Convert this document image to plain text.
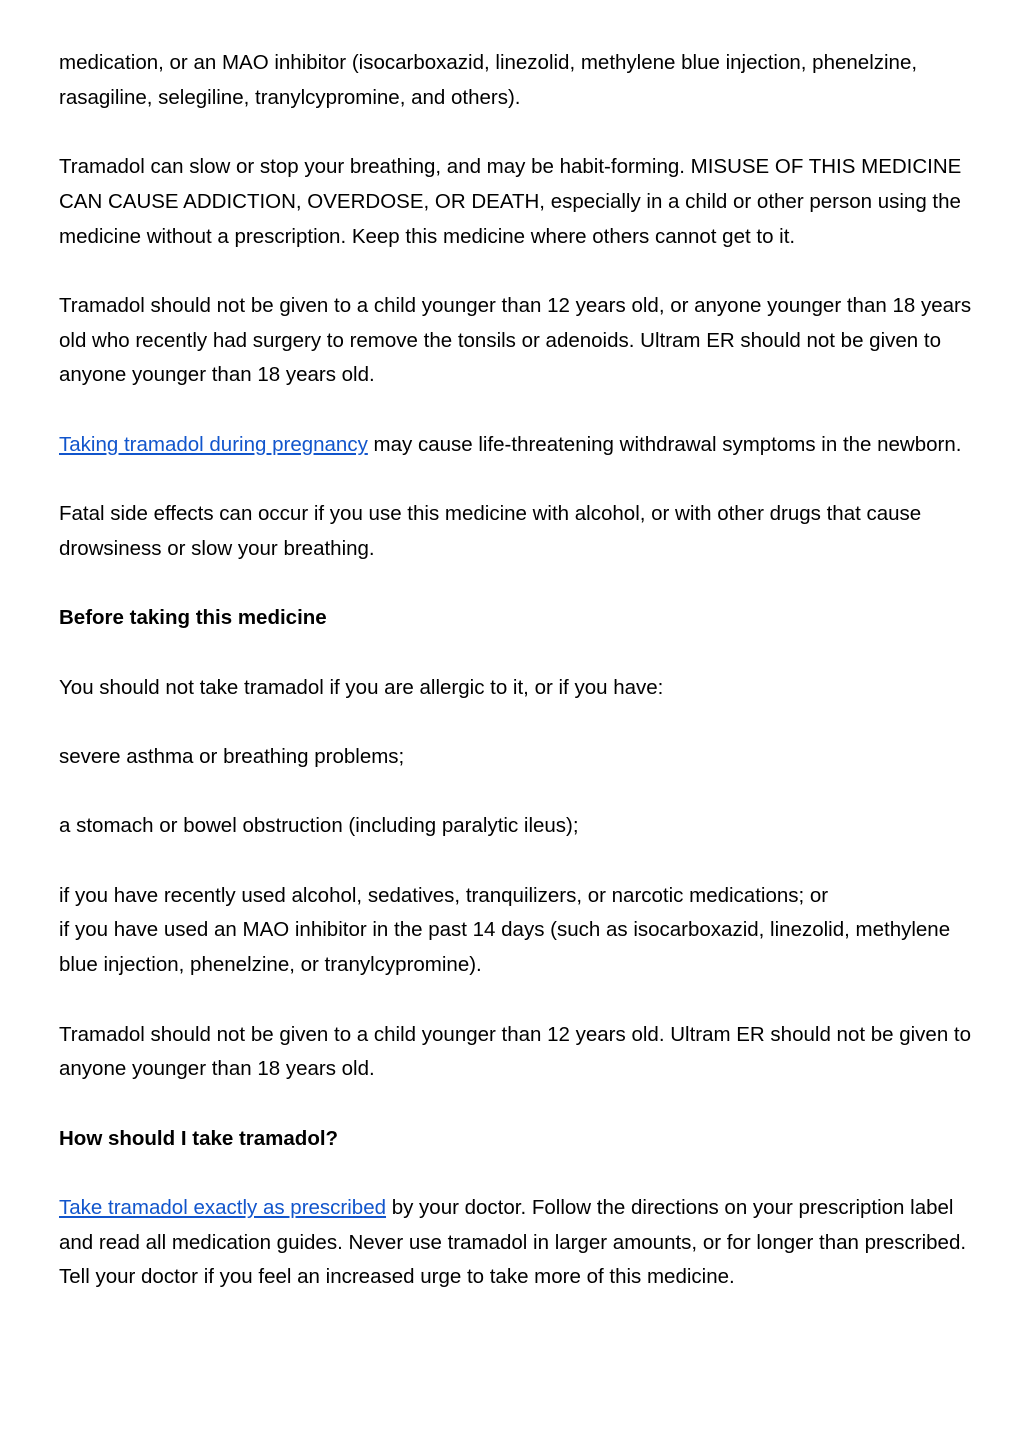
medication, or an MAO inhibitor (isocarboxazid, linezolid, methylene blue injection, phenelzine, rasagiline, selegiline, tranylcypromine, and others).

Tramadol can slow or stop your breathing, and may be habit-forming. MISUSE OF THIS MEDICINE CAN CAUSE ADDICTION, OVERDOSE, OR DEATH, especially in a child or other person using the medicine without a prescription. Keep this medicine where others cannot get to it.

Tramadol should not be given to a child younger than 12 years old, or anyone younger than 18 years old who recently had surgery to remove the tonsils or adenoids. Ultram ER should not be given to anyone younger than 18 years old.

Taking tramadol during pregnancy may cause life-threatening withdrawal symptoms in the newborn.

Fatal side effects can occur if you use this medicine with alcohol, or with other drugs that cause drowsiness or slow your breathing.

Before taking this medicine

You should not take tramadol if you are allergic to it, or if you have:

severe asthma or breathing problems;

a stomach or bowel obstruction (including paralytic ileus);

if you have recently used alcohol, sedatives, tranquilizers, or narcotic medications; or

if you have used an MAO inhibitor in the past 14 days (such as isocarboxazid, linezolid, methylene blue injection, phenelzine, or tranylcypromine).

Tramadol should not be given to a child younger than 12 years old. Ultram ER should not be given to anyone younger than 18 years old.

How should I take tramadol?

Take tramadol exactly as prescribed by your doctor. Follow the directions on your prescription label and read all medication guides. Never use tramadol in larger amounts, or for longer than prescribed. Tell your doctor if you feel an increased urge to take more of this medicine.
